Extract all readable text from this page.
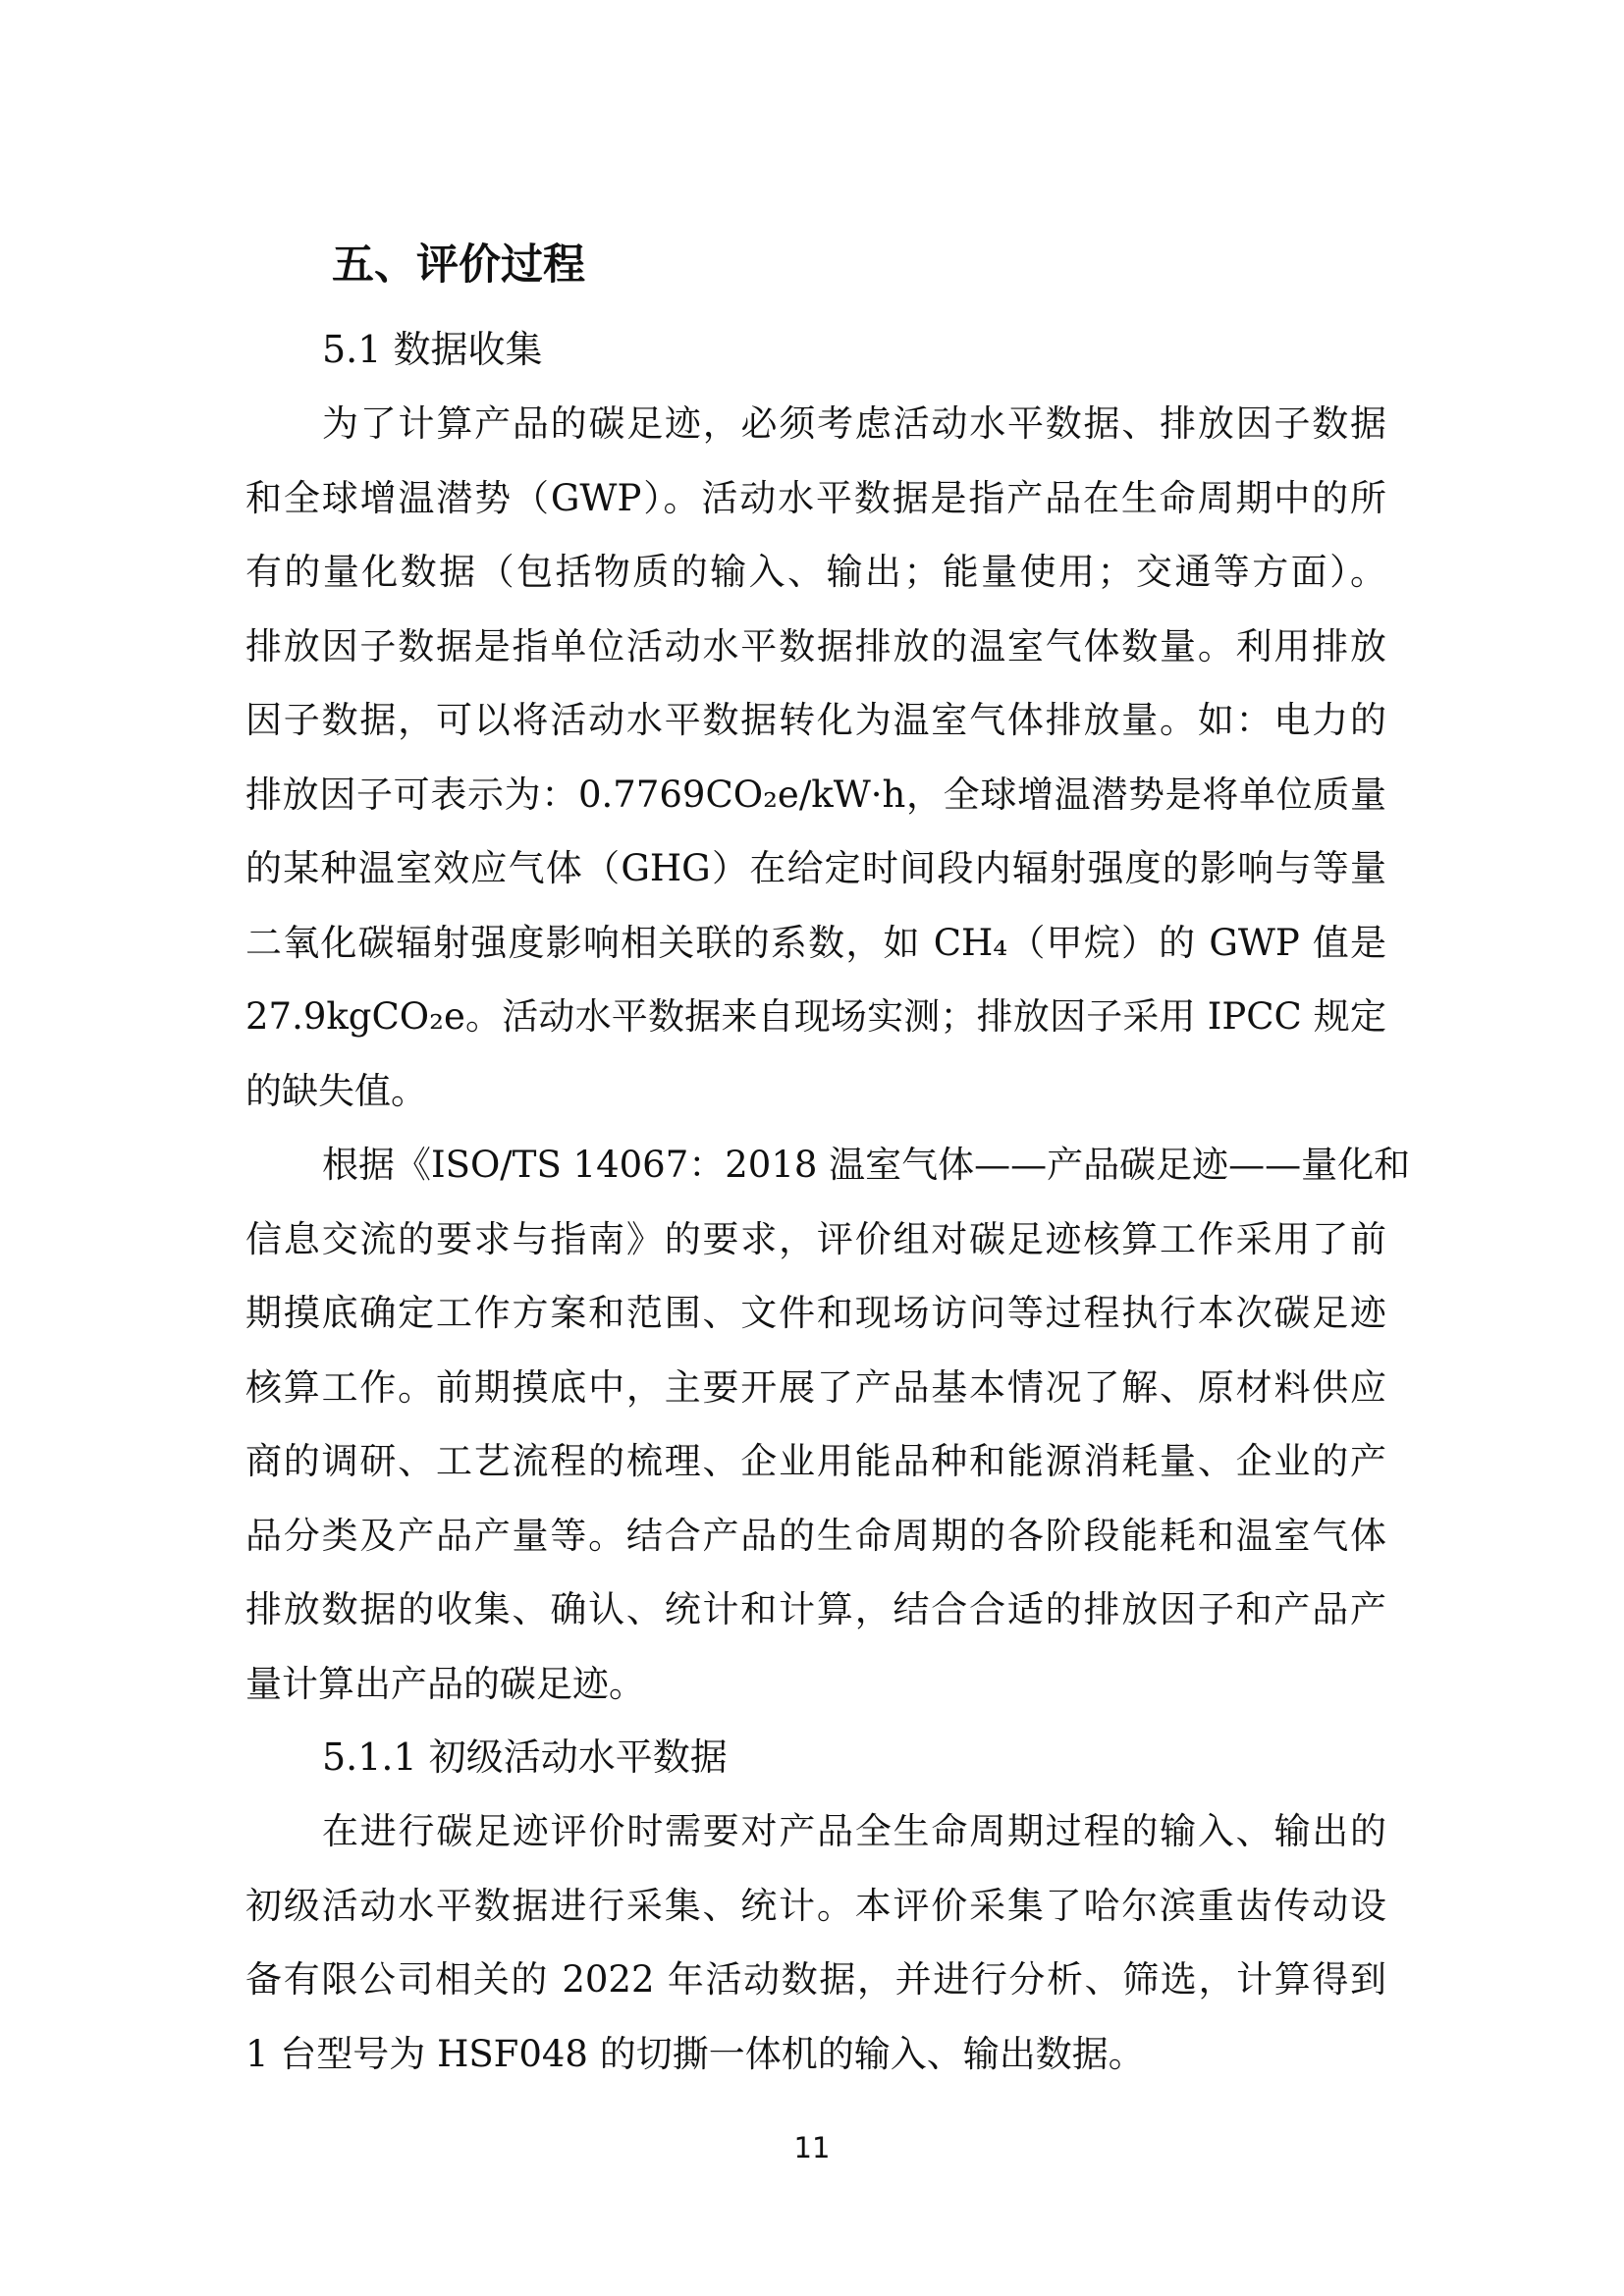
五、评价过程

5.1 数据收集

为了计算产品的碳足迹，必须考虑活动水平数据、排放因子数据
和全球增温潜势（GWP）。活动水平数据是指产品在生命周期中的所
有的量化数据（包括物质的输入、输出；能量使用；交通等方面）。
排放因子数据是指单位活动水平数据排放的温室气体数量。利用排放
因子数据，可以将活动水平数据转化为温室气体排放量。如：电力的
排放因子可表示为：0.7769CO₂e/kW·h，全球增温潜势是将单位质量
的某种温室效应气体（GHG）在给定时间段内辐射强度的影响与等量
二氧化碳辐射强度影响相关联的系数，如 CH₄（甲烷）的 GWP 值是
27.9kgCO₂e。活动水平数据来自现场实测；排放因子采用 IPCC 规定
的缺失值。
根据《ISO/TS 14067：2018 温室气体——产品碳足迹——量化和
信息交流的要求与指南》的要求，评价组对碳足迹核算工作采用了前
期摸底确定工作方案和范围、文件和现场访问等过程执行本次碳足迹
核算工作。前期摸底中，主要开展了产品基本情况了解、原材料供应
商的调研、工艺流程的梳理、企业用能品种和能源消耗量、企业的产
品分类及产品产量等。结合产品的生命周期的各阶段能耗和温室气体
排放数据的收集、确认、统计和计算，结合合适的排放因子和产品产
量计算出产品的碳足迹。

5.1.1 初级活动水平数据

在进行碳足迹评价时需要对产品全生命周期过程的输入、输出的
初级活动水平数据进行采集、统计。本评价采集了哈尔滨重齿传动设
备有限公司相关的 2022 年活动数据，并进行分析、筛选，计算得到
1 台型号为 HSF048 的切撕一体机的输入、输出数据。

11
